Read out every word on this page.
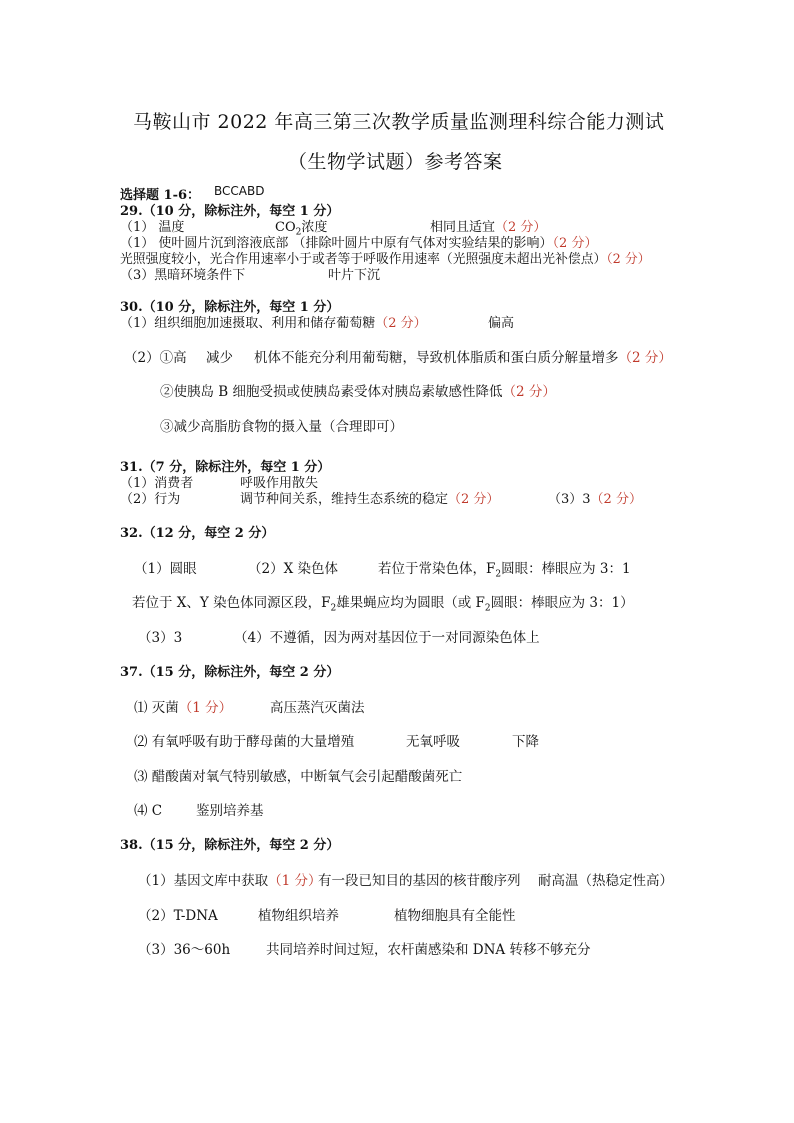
马鞍山市 2022 年高三第三次教学质量监测理科综合能力测试
（生物学试题）参考答案
选择题 1-6： BCCABD
29.（10 分，除标注外，每空 1 分）
（1） 温度	$CO_2$浓度	相同且适宜（2 分）
（1） 使叶圆片沉到溶液底部 （排除叶圆片中原有气体对实验结果的影响）（2 分）
光照强度较小，光合作用速率小于或者等于呼吸作用速率（光照强度未超出光补偿点）（2 分）
（3）黑暗环境条件下	叶片下沉
30.（10 分，除标注外，每空 1 分）
（1）组织细胞加速摄取、利用和储存葡萄糖（2 分）	偏高
（2）①高 减少 机体不能充分利用葡萄糖，导致机体脂质和蛋白质分解量增多（2 分）
②使胰岛 B 细胞受损或使胰岛素受体对胰岛素敏感性降低（2 分）
③减少高脂肪食物的摄入量（合理即可）
31.（7 分，除标注外，每空 1 分）
（1）消费者	呼吸作用散失
（2）行为	调节种间关系，维持生态系统的稳定（2 分）	（3）3（2 分）
32.（12 分，每空 2 分）
（1）圆眼	（2）X 染色体	若位于常染色体，$F_2$圆眼：棒眼应为 3：1
若位于 X、Y 染色体同源区段，$F_2$雄果蝇应均为圆眼（或 $F_2$圆眼：棒眼应为 3：1）
（3）3	（4）不遵循，因为两对基因位于一对同源染色体上
37.（15 分，除标注外，每空 2 分）
⑴ 灭菌（1 分）	高压蒸汽灭菌法
⑵ 有氧呼吸有助于酵母菌的大量增殖	无氧呼吸	下降
⑶ 醋酸菌对氧气特别敏感，中断氧气会引起醋酸菌死亡
⑷ C	鉴别培养基
38.（15 分，除标注外，每空 2 分）
（1）基因文库中获取（1 分）
有一段已知目的基因的核苷酸序列 耐高温（热稳定性高）
（2）T-DNA	植物组织培养	植物细胞具有全能性
（3）36～60h	共同培养时间过短，农杆菌感染和 DNA 转移不够充分
